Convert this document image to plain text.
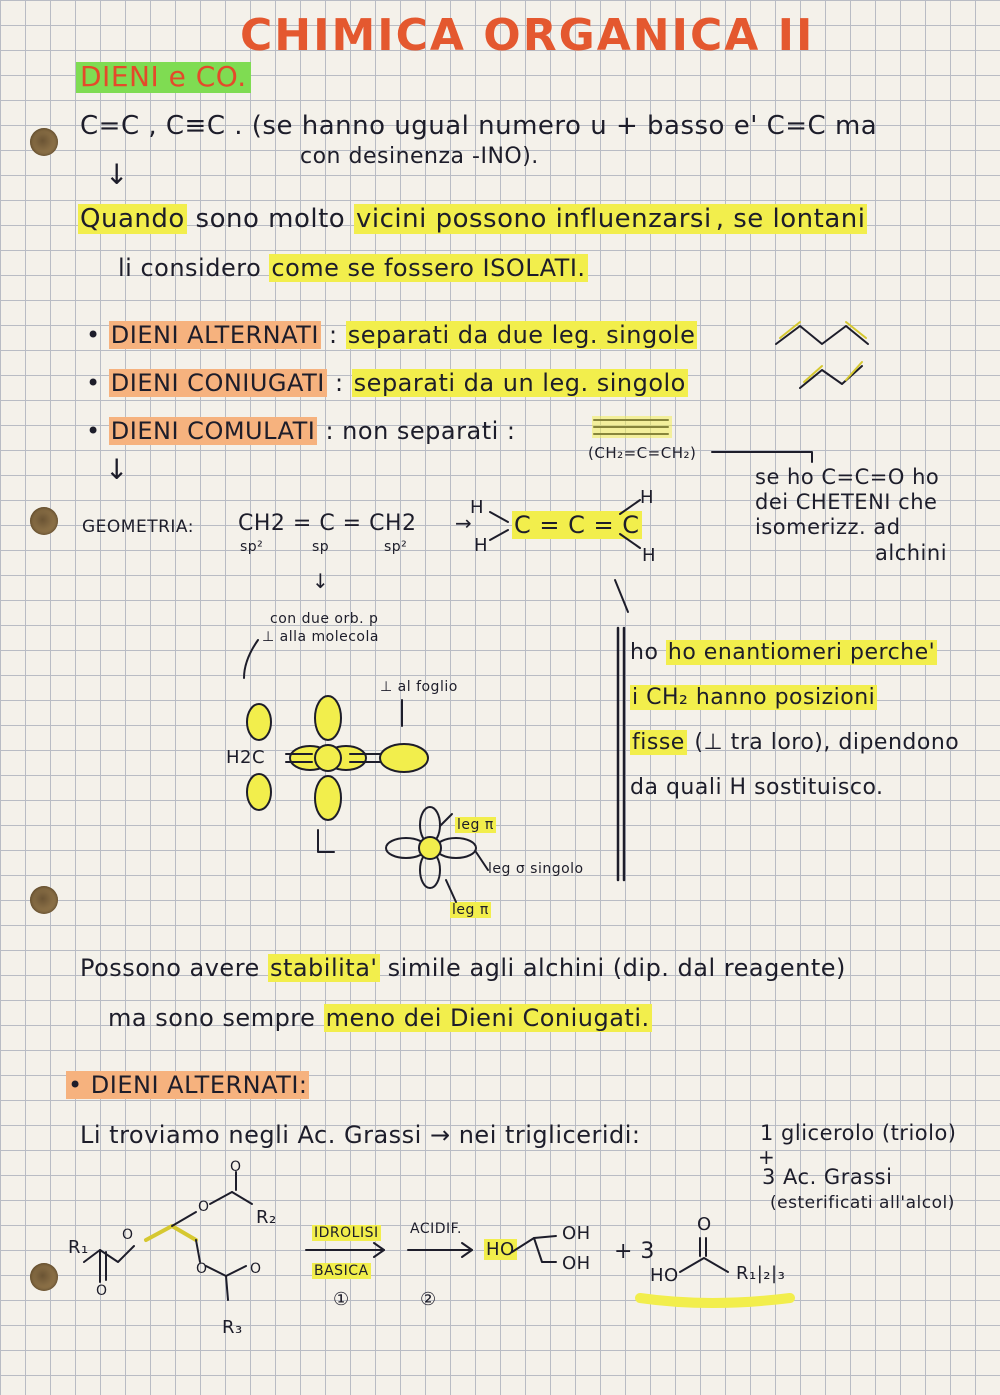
CHIMICA ORGANICA II
DIENI e CO.
C=C , C≡C . (se hanno ugual numero u + basso e' C=C ma
con desinenza -INO).
↓
Quando sono molto vicini possono influenzarsi , se lontani
li considero come se fossero ISOLATI.
• DIENI ALTERNATI : separati da due leg. singole
• DIENI CONIUGATI : separati da un leg. singolo
• DIENI COMULATI : non separati :
(CH₂=C=CH₂)
↓	se ho C=C=O ho
dei CHETENI che
isomerizz. ad
alchini
GEOMETRIA: CH2 = C = CH2
sp²	sp	sp²
→ C = C = C
H
H
H
H
↓
con due orb. p
⊥ alla molecola
⊥ al foglio
H2C
leg π
leg σ singolo
leg π
ho ho enantiomeri perche'
i CH₂ hanno posizioni
fisse (⊥ tra loro), dipendono
da quali H sostituisco.
Possono avere stabilita' simile agli alchini (dip. dal reagente)
ma sono sempre meno dei Dieni Coniugati.
• DIENI ALTERNATI:
Li troviamo negli Ac. Grassi → nei trigliceridi:	1 glicerolo (triolo)
+
3 Ac. Grassi
(esterificati all'alcol)
IDROLISI
BASICA
①
ACIDIF.
②
HO
OH
OH + 3
HO	R₁|₂|₃
O
R₁
R₂
R₃
O
O
O
O
O	O
